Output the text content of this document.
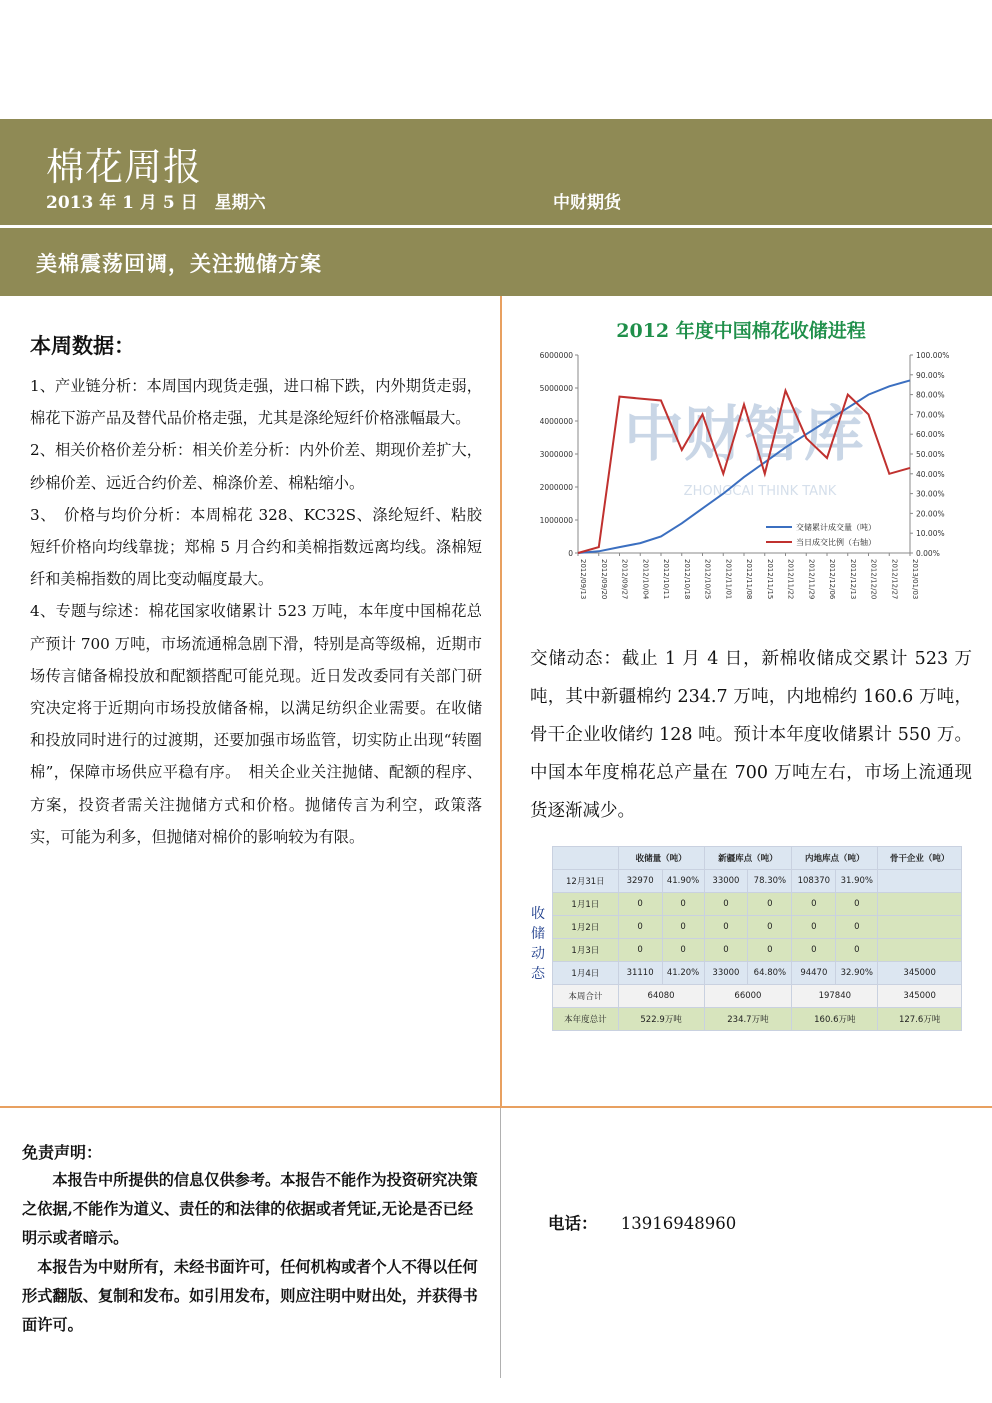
棉花周报
2013 年 1 月 5 日　星期六	中财期货
美棉震荡回调，关注抛储方案
本周数据：

1、产业链分析：本周国内现货走强，进口棉下跌，内外期货走弱，棉花下游产品及替代品价格走强，尤其是涤纶短纤价格涨幅最大。

2、相关价格价差分析：相关价差分析：内外价差、期现价差扩大，纱棉价差、远近合约价差、棉涤价差、棉粘缩小。

3、　价格与均价分析：本周棉花 328、KC32S、涤纶短纤、粘胶短纤价格向均线靠拢；郑棉 5 月合约和美棉指数远离均线。涤棉短纤和美棉指数的周比变动幅度最大。

4、专题与综述：棉花国家收储累计 523 万吨，本年度中国棉花总产预计 700 万吨，市场流通棉急剧下滑，特别是高等级棉，近期市场传言储备棉投放和配额搭配可能兑现。近日发改委同有关部门研究决定将于近期向市场投放储备棉，以满足纺织企业需要。在收储和投放同时进行的过渡期，还要加强市场监管，切实防止出现“转圈棉”，保障市场供应平稳有序。　相关企业关注抛储、配额的程序、方案，投资者需关注抛储方式和价格。抛储传言为利空，政策落实，可能为利多，但抛储对棉价的影响较为有限。

2012 年度中国棉花收储进程
中财智库
ZHONGCAI THINK TANK
0
1000000
2000000
3000000
4000000
5000000
6000000
0.00%
10.00%
20.00%
30.00%
40.00%
50.00%
60.00%
70.00%
80.00%
90.00%
100.00%
2012/09/13 2012/09/20 2012/09/27 2012/10/04 2012/10/11 2012/10/18 2012/10/25 2012/11/01 2012/11/08 2012/11/15 2012/11/22 2012/11/29 2012/12/06 2012/12/13 2012/12/20 2012/12/27 2013/01/03
交储累计成交量（吨）
当日成交比例（右轴）
交储动态：截止 1 月 4 日，新棉收储成交累计 523 万吨，其中新疆棉约 234.7 万吨，内地棉约 160.6 万吨，骨干企业收储约 128 吨。预计本年度收储累计 550 万。中国本年度棉花总产量在 700 万吨左右，市场上流通现货逐渐减少。
收
储
动
态
	收储量（吨）		新疆库点（吨）		内地库点（吨）		骨干企业（吨）
12月31日	32970	41.90%	33000	78.30%	108370	31.90%	
1月1日	0	0	0	0	0	0	
1月2日	0	0	0	0	0	0	
1月3日	0	0	0	0	0	0	
1月4日	31110	41.20%	33000	64.80%	94470	32.90%	345000
本周合计	64080		66000		197840		345000
本年度总计	522.9万吨		234.7万吨		160.6万吨		127.6万吨
免责声明：

　　本报告中所提供的信息仅供参考。本报告不能作为投资研究决策之依据,不能作为道义、责任的和法律的依据或者凭证,无论是否已经明示或者暗示。

　本报告为中财所有，未经书面许可，任何机构或者个人不得以任何形式翻版、复制和发布。如引用发布，则应注明中财出处，并获得书面许可。

电话： 13916948960
